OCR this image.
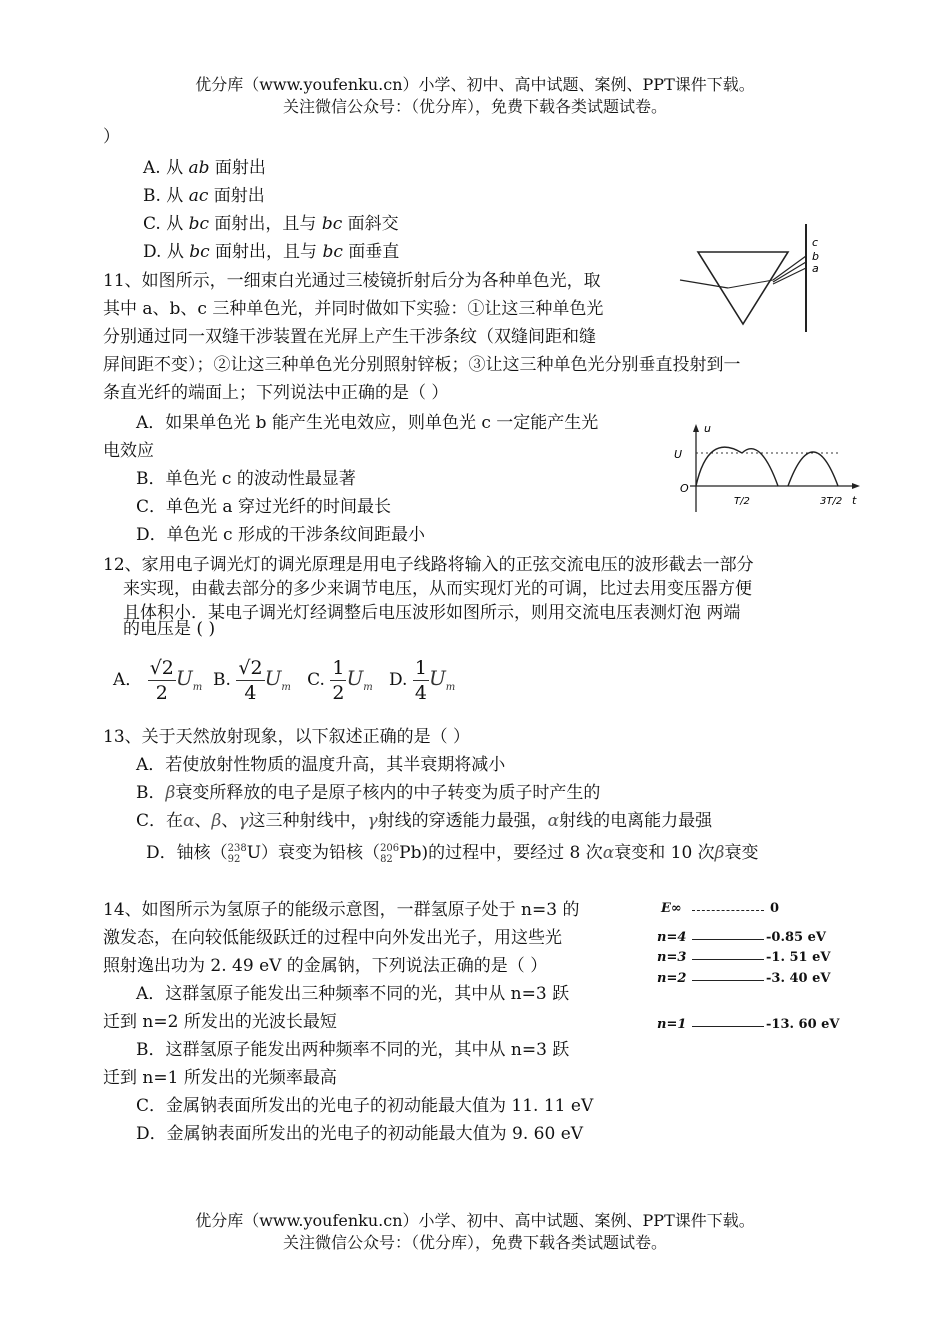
优分库（www.youfenku.cn）小学、初中、高中试题、案例、PPT课件下载。
关注微信公众号：（优分库），免费下载各类试题试卷。
）
A. 从 ab 面射出
B. 从 ac 面射出
C. 从 bc 面射出，且与 bc 面斜交
D. 从 bc 面射出，且与 bc 面垂直	c
b
a
11、如图所示，一细束白光通过三棱镜折射后分为各种单色光，取
其中 a、b、c 三种单色光，并同时做如下实验：①让这三种单色光
分别通过同一双缝干涉装置在光屏上产生干涉条纹（双缝间距和缝
屏间距不变）；②让这三种单色光分别照射锌板；③让这三种单色光分别垂直投射到一
条直光纤的端面上；下列说法中正确的是（ ）
A．如果单色光 b 能产生光电效应，则单色光 c 一定能产生光
电效应
B．单色光 c 的波动性最显著
C．单色光 a 穿过光纤的时间最长
D．单色光 c 形成的干涉条纹间距最小
u
U
O
T/2	3T/2 t
12、家用电子调光灯的调光原理是用电子线路将输入的正弦交流电压的波形截去一部分
来实现，由截去部分的多少来调节电压，从而实现灯光的可调，比过去用变压器方便
且体积小．某电子调光灯经调整后电压波形如图所示，则用交流电压表测灯泡 两端
的电压是 ( )
A． $\frac{√2}{2} U_m$ B. $\frac{√2}{4} U_m$ C. $\frac{1}{2} U_m$ D. $\frac{1}{4} U_m$
13、关于天然放射现象，以下叙述正确的是（ ）
A．若使放射性物质的温度升高，其半衰期将减小
B．β衰变所释放的电子是原子核内的中子转变为质子时产生的
C．在α、β、γ这三种射线中，γ射线的穿透能力最强，α射线的电离能力最强
D．铀核（238
92 U）衰变为铅核（206
82 Pb)的过程中，要经过 8 次α衰变和 10 次β衰变
E∞	0
n=4	-0.85 eV
n=3	-1. 51 eV
n=2	-3. 40 eV
n=1	-13. 60 eV
14、如图所示为氢原子的能级示意图，一群氢原子处于 n=3 的
激发态，在向较低能级跃迁的过程中向外发出光子，用这些光
照射逸出功为 2. 49 eV 的金属钠，下列说法正确的是（ ）
A．这群氢原子能发出三种频率不同的光，其中从 n=3 跃
迁到 n=2 所发出的光波长最短
B．这群氢原子能发出两种频率不同的光，其中从 n=3 跃
迁到 n=1 所发出的光频率最高
C．金属钠表面所发出的光电子的初动能最大值为 11. 11 eV
D．金属钠表面所发出的光电子的初动能最大值为 9. 60 eV
优分库（www.youfenku.cn）小学、初中、高中试题、案例、PPT课件下载。
关注微信公众号：（优分库），免费下载各类试题试卷。
